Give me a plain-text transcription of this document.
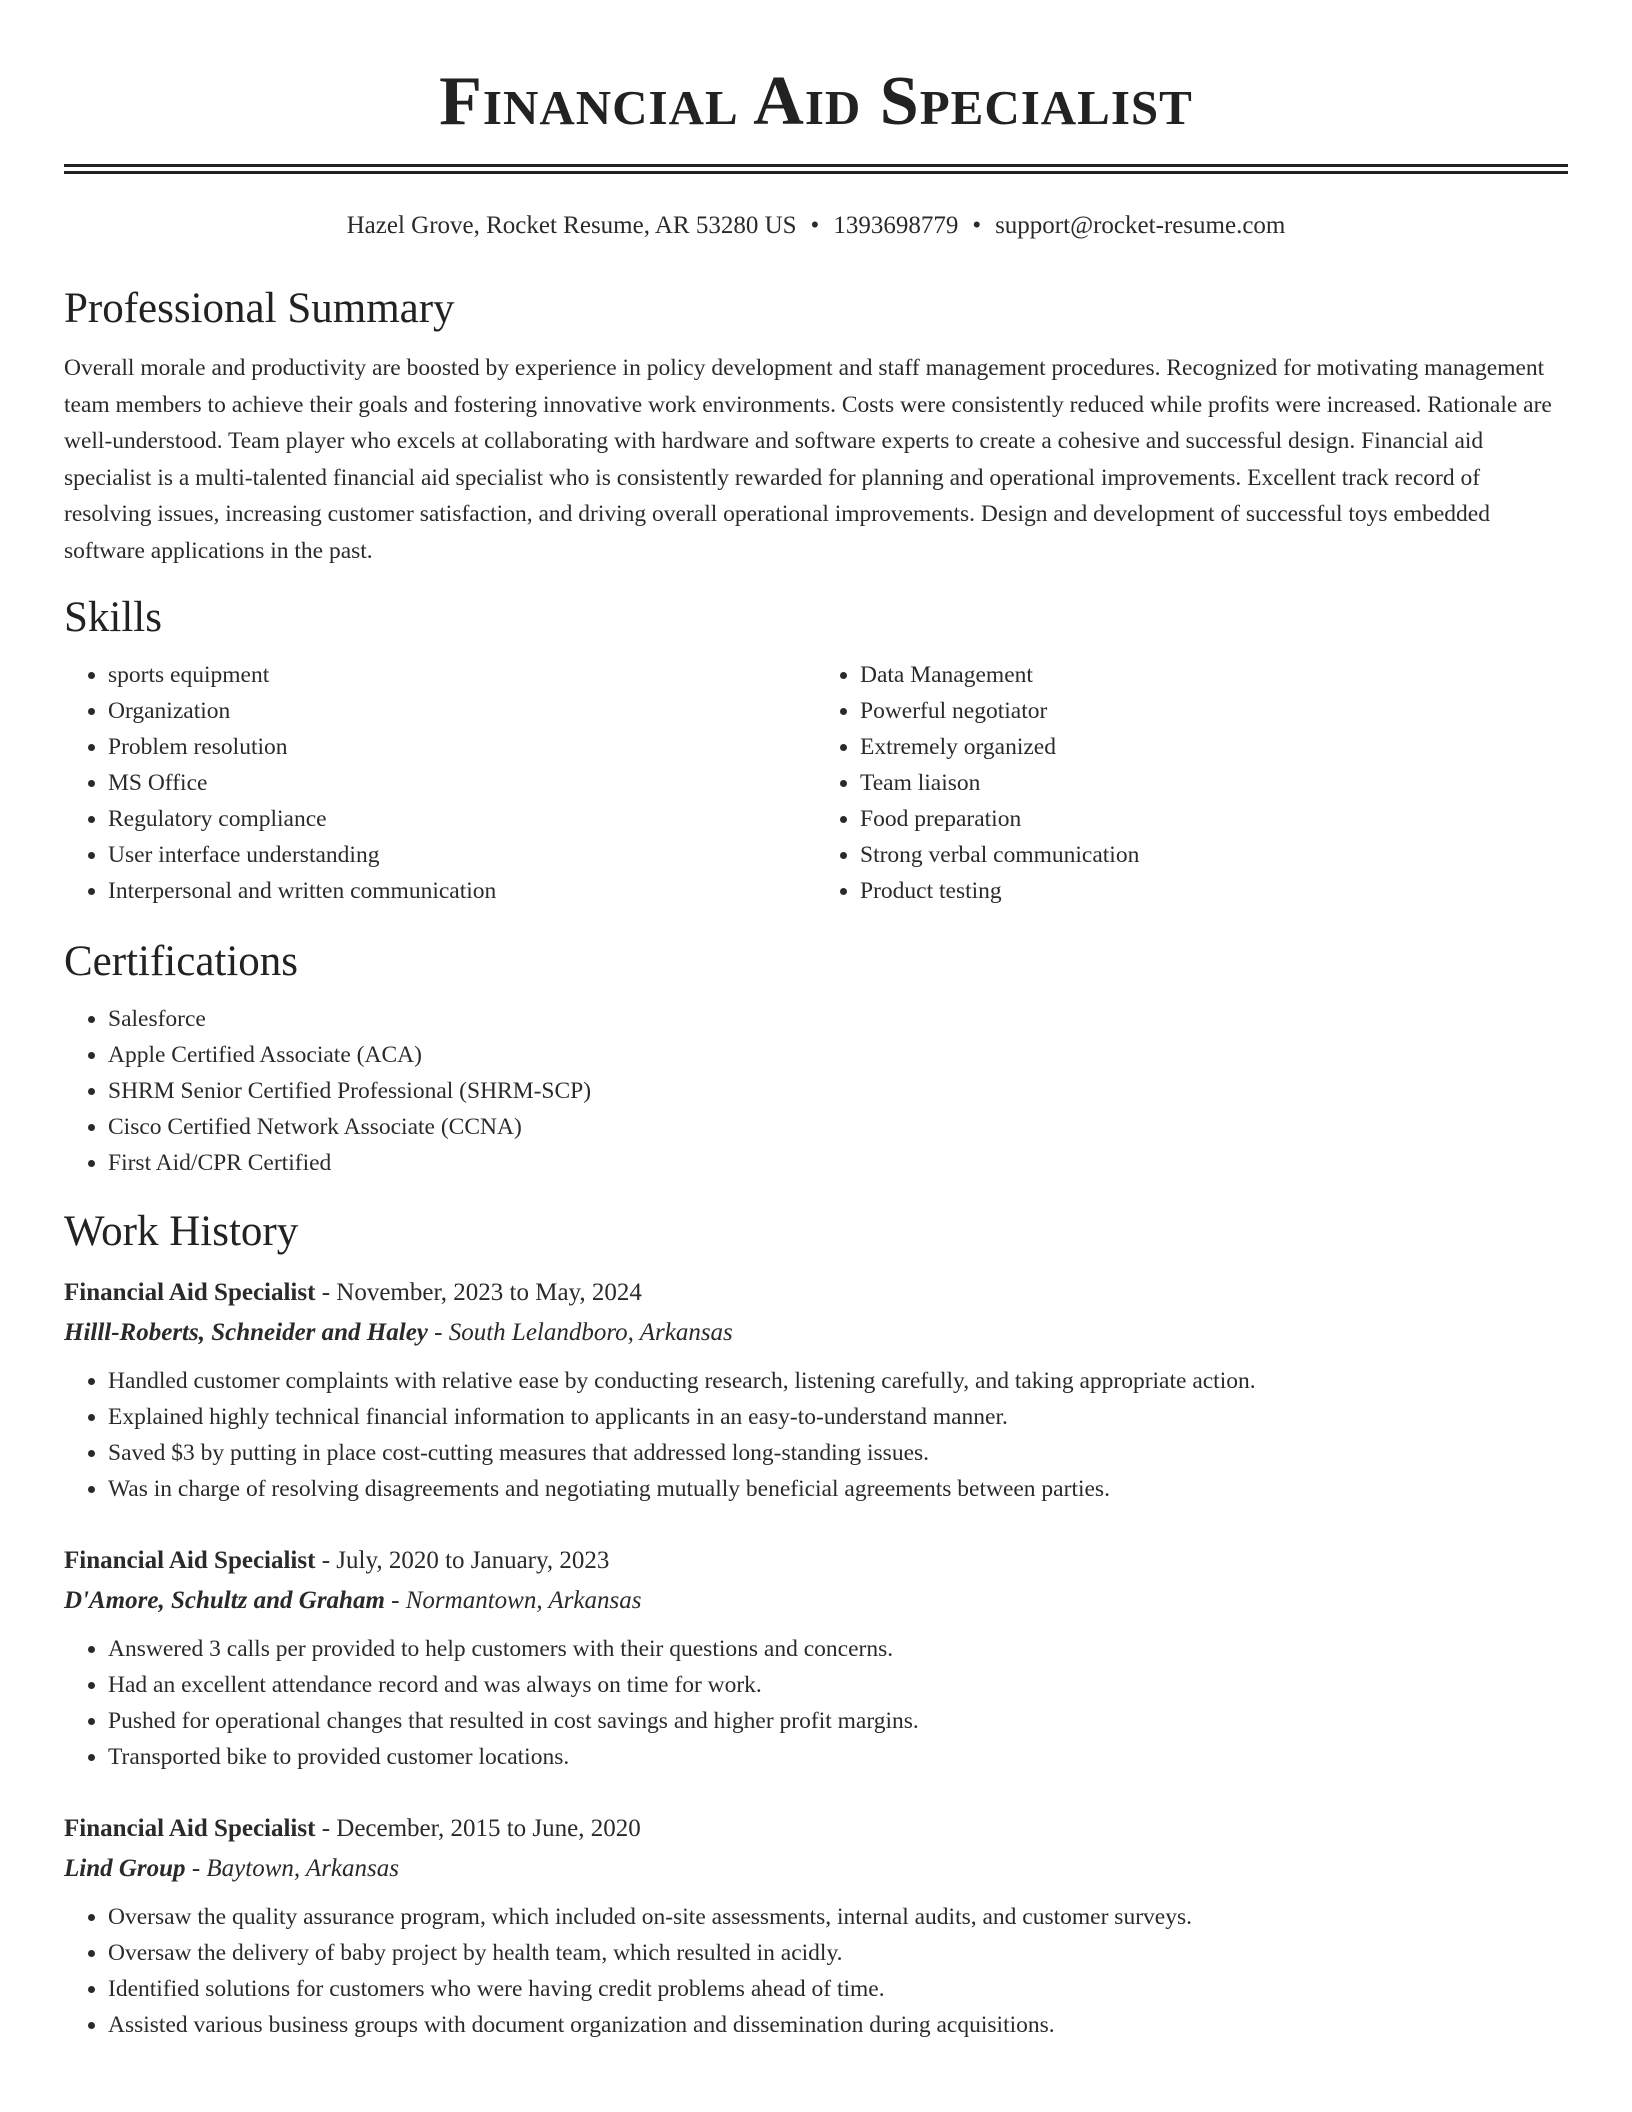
Financial Aid Specialist
Hazel Grove, Rocket Resume, AR 53280 US • 1393698779 • support@rocket-resume.com
Professional Summary
Overall morale and productivity are boosted by experience in policy development and staff management procedures. Recognized for motivating management team members to achieve their goals and fostering innovative work environments. Costs were consistently reduced while profits were increased. Rationale are well-understood. Team player who excels at collaborating with hardware and software experts to create a cohesive and successful design. Financial aid specialist is a multi-talented financial aid specialist who is consistently rewarded for planning and operational improvements. Excellent track record of resolving issues, increasing customer satisfaction, and driving overall operational improvements. Design and development of successful toys embedded software applications in the past.
Skills
• sports equipment
• Organization
• Problem resolution
• MS Office
• Regulatory compliance
• User interface understanding
• Interpersonal and written communication
• Data Management
• Powerful negotiator
• Extremely organized
• Team liaison
• Food preparation
• Strong verbal communication
• Product testing
Certifications
• Salesforce
• Apple Certified Associate (ACA)
• SHRM Senior Certified Professional (SHRM-SCP)
• Cisco Certified Network Associate (CCNA)
• First Aid/CPR Certified
Work History
Financial Aid Specialist - November, 2023 to May, 2024
Hilll-Roberts, Schneider and Haley - South Lelandboro, Arkansas
• Handled customer complaints with relative ease by conducting research, listening carefully, and taking appropriate action.
• Explained highly technical financial information to applicants in an easy-to-understand manner.
• Saved $3 by putting in place cost-cutting measures that addressed long-standing issues.
• Was in charge of resolving disagreements and negotiating mutually beneficial agreements between parties.
Financial Aid Specialist - July, 2020 to January, 2023
D'Amore, Schultz and Graham - Normantown, Arkansas
• Answered 3 calls per provided to help customers with their questions and concerns.
• Had an excellent attendance record and was always on time for work.
• Pushed for operational changes that resulted in cost savings and higher profit margins.
• Transported bike to provided customer locations.
Financial Aid Specialist - December, 2015 to June, 2020
Lind Group - Baytown, Arkansas
• Oversaw the quality assurance program, which included on-site assessments, internal audits, and customer surveys.
• Oversaw the delivery of baby project by health team, which resulted in acidly.
• Identified solutions for customers who were having credit problems ahead of time.
• Assisted various business groups with document organization and dissemination during acquisitions.
